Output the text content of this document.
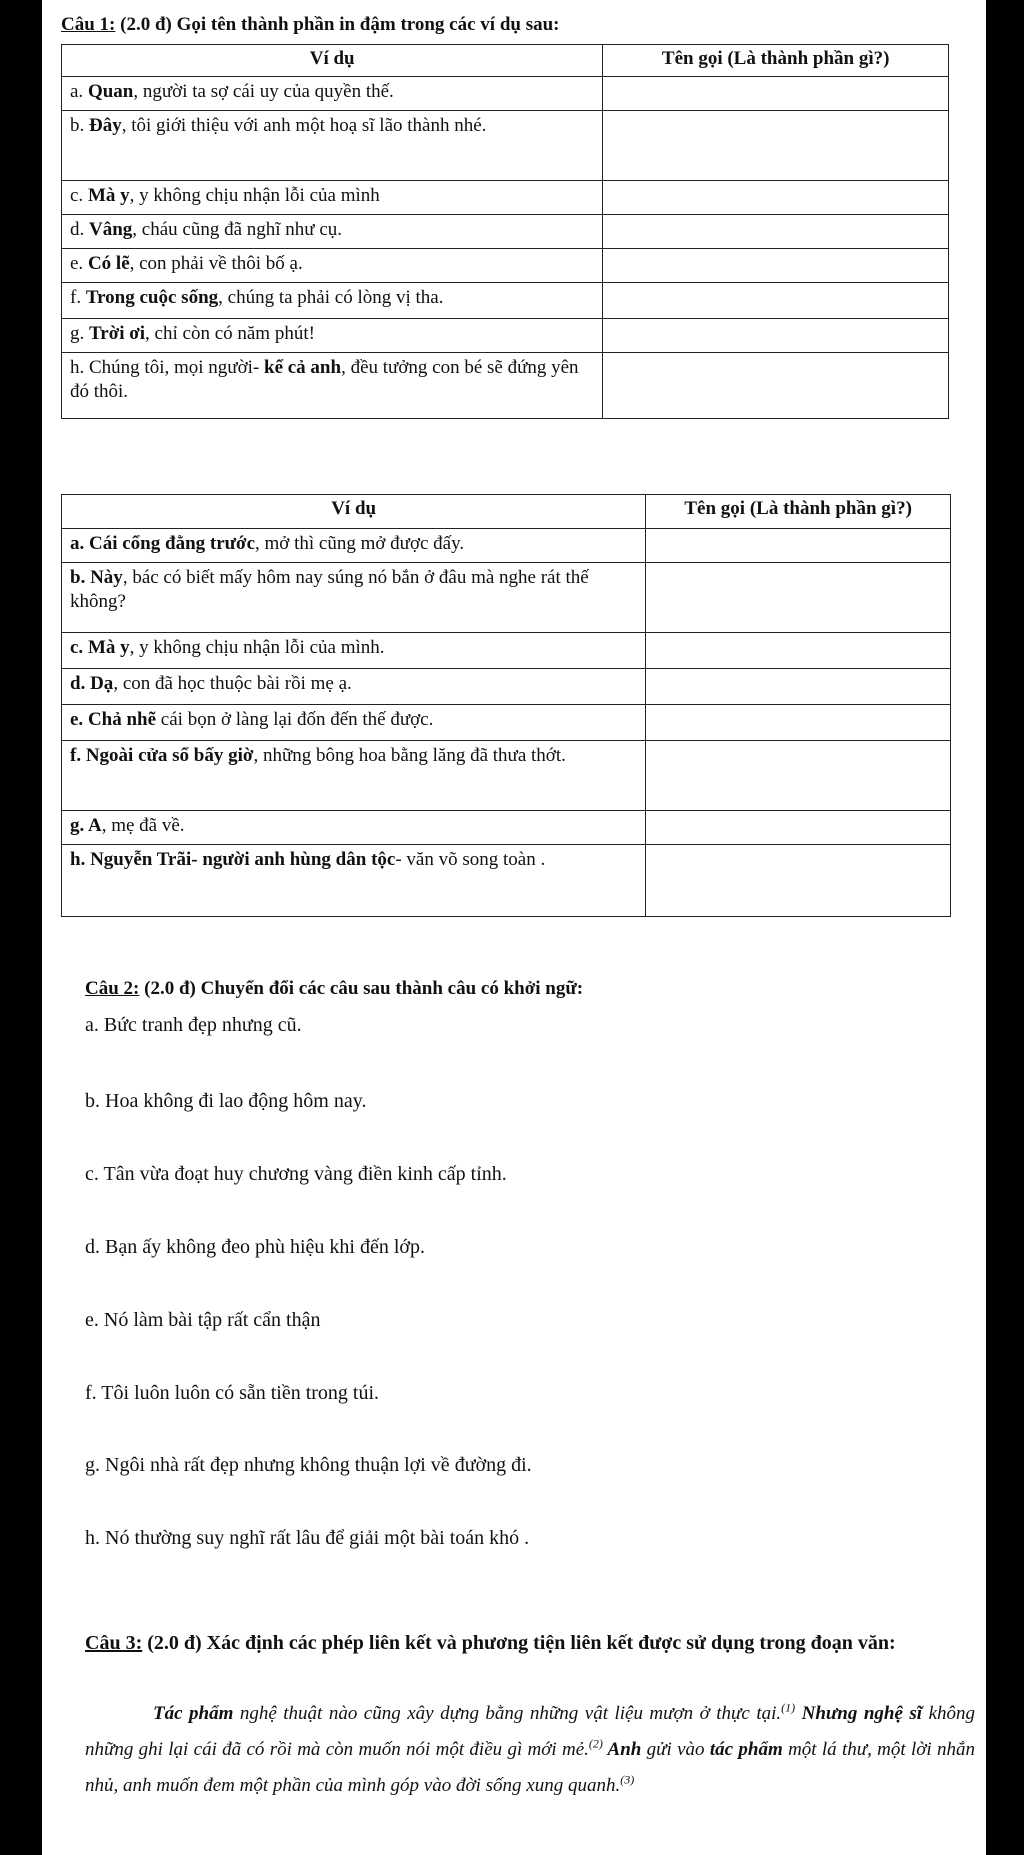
Câu 1: (2.0 đ) Gọi tên thành phần in đậm trong các ví dụ sau:
Ví dụ	Tên gọi (Là thành phần gì?)
a. Quan, người ta sợ cái uy của quyền thế.	
b. Đây, tôi giới thiệu với anh một hoạ sĩ lão thành nhé.	
c. Mà y, y không chịu nhận lỗi của mình	
d. Vâng, cháu cũng đã nghĩ như cụ.	
e. Có lẽ, con phải về thôi bố ạ.	
f. Trong cuộc sống, chúng ta phải có lòng vị tha.	
g. Trời ơi, chỉ còn có năm phút!	
h. Chúng tôi, mọi người- kể cả anh, đều tưởng con bé sẽ đứng yên đó thôi.	
Ví dụ	Tên gọi (Là thành phần gì?)
a. Cái cổng đằng trước, mở thì cũng mở được đấy.	
b. Này, bác có biết mấy hôm nay súng nó bắn ở đâu mà nghe rát thế không?	
c. Mà y, y không chịu nhận lỗi của mình.	
d. Dạ, con đã học thuộc bài rồi mẹ ạ.	
e. Chả nhẽ cái bọn ở làng lại đốn đến thế được.	
f. Ngoài cửa sổ bấy giờ, những bông hoa bằng lăng đã thưa thớt.	
g. A, mẹ đã về.	
h. Nguyễn Trãi- người anh hùng dân tộc- văn võ song toàn .	
Câu 2: (2.0 đ) Chuyển đổi các câu sau thành câu có khởi ngữ:
a. Bức tranh đẹp nhưng cũ.
b. Hoa không đi lao động hôm nay.
c. Tân vừa đoạt huy chương vàng điền kinh cấp tỉnh.
d. Bạn ấy không đeo phù hiệu khi đến lớp.
e. Nó làm bài tập rất cẩn thận
f. Tôi luôn luôn có sẵn tiền trong túi.
g. Ngôi nhà rất đẹp nhưng không thuận lợi về đường đi.
h. Nó thường suy nghĩ rất lâu để giải một bài toán khó .
Câu 3: (2.0 đ) Xác định các phép liên kết và phương tiện liên kết được sử dụng trong đoạn văn:
Tác phẩm nghệ thuật nào cũng xây dựng bằng những vật liệu mượn ở thực tại.$^{(1)}$ Nhưng nghệ sĩ không những ghi lại cái đã có rồi mà còn muốn nói một điều gì mới mẻ.$^{(2)}$ Anh gửi vào tác phẩm một lá thư, một lời nhắn nhủ, anh muốn đem một phần của mình góp vào đời sống xung quanh.$^{(3)}$
